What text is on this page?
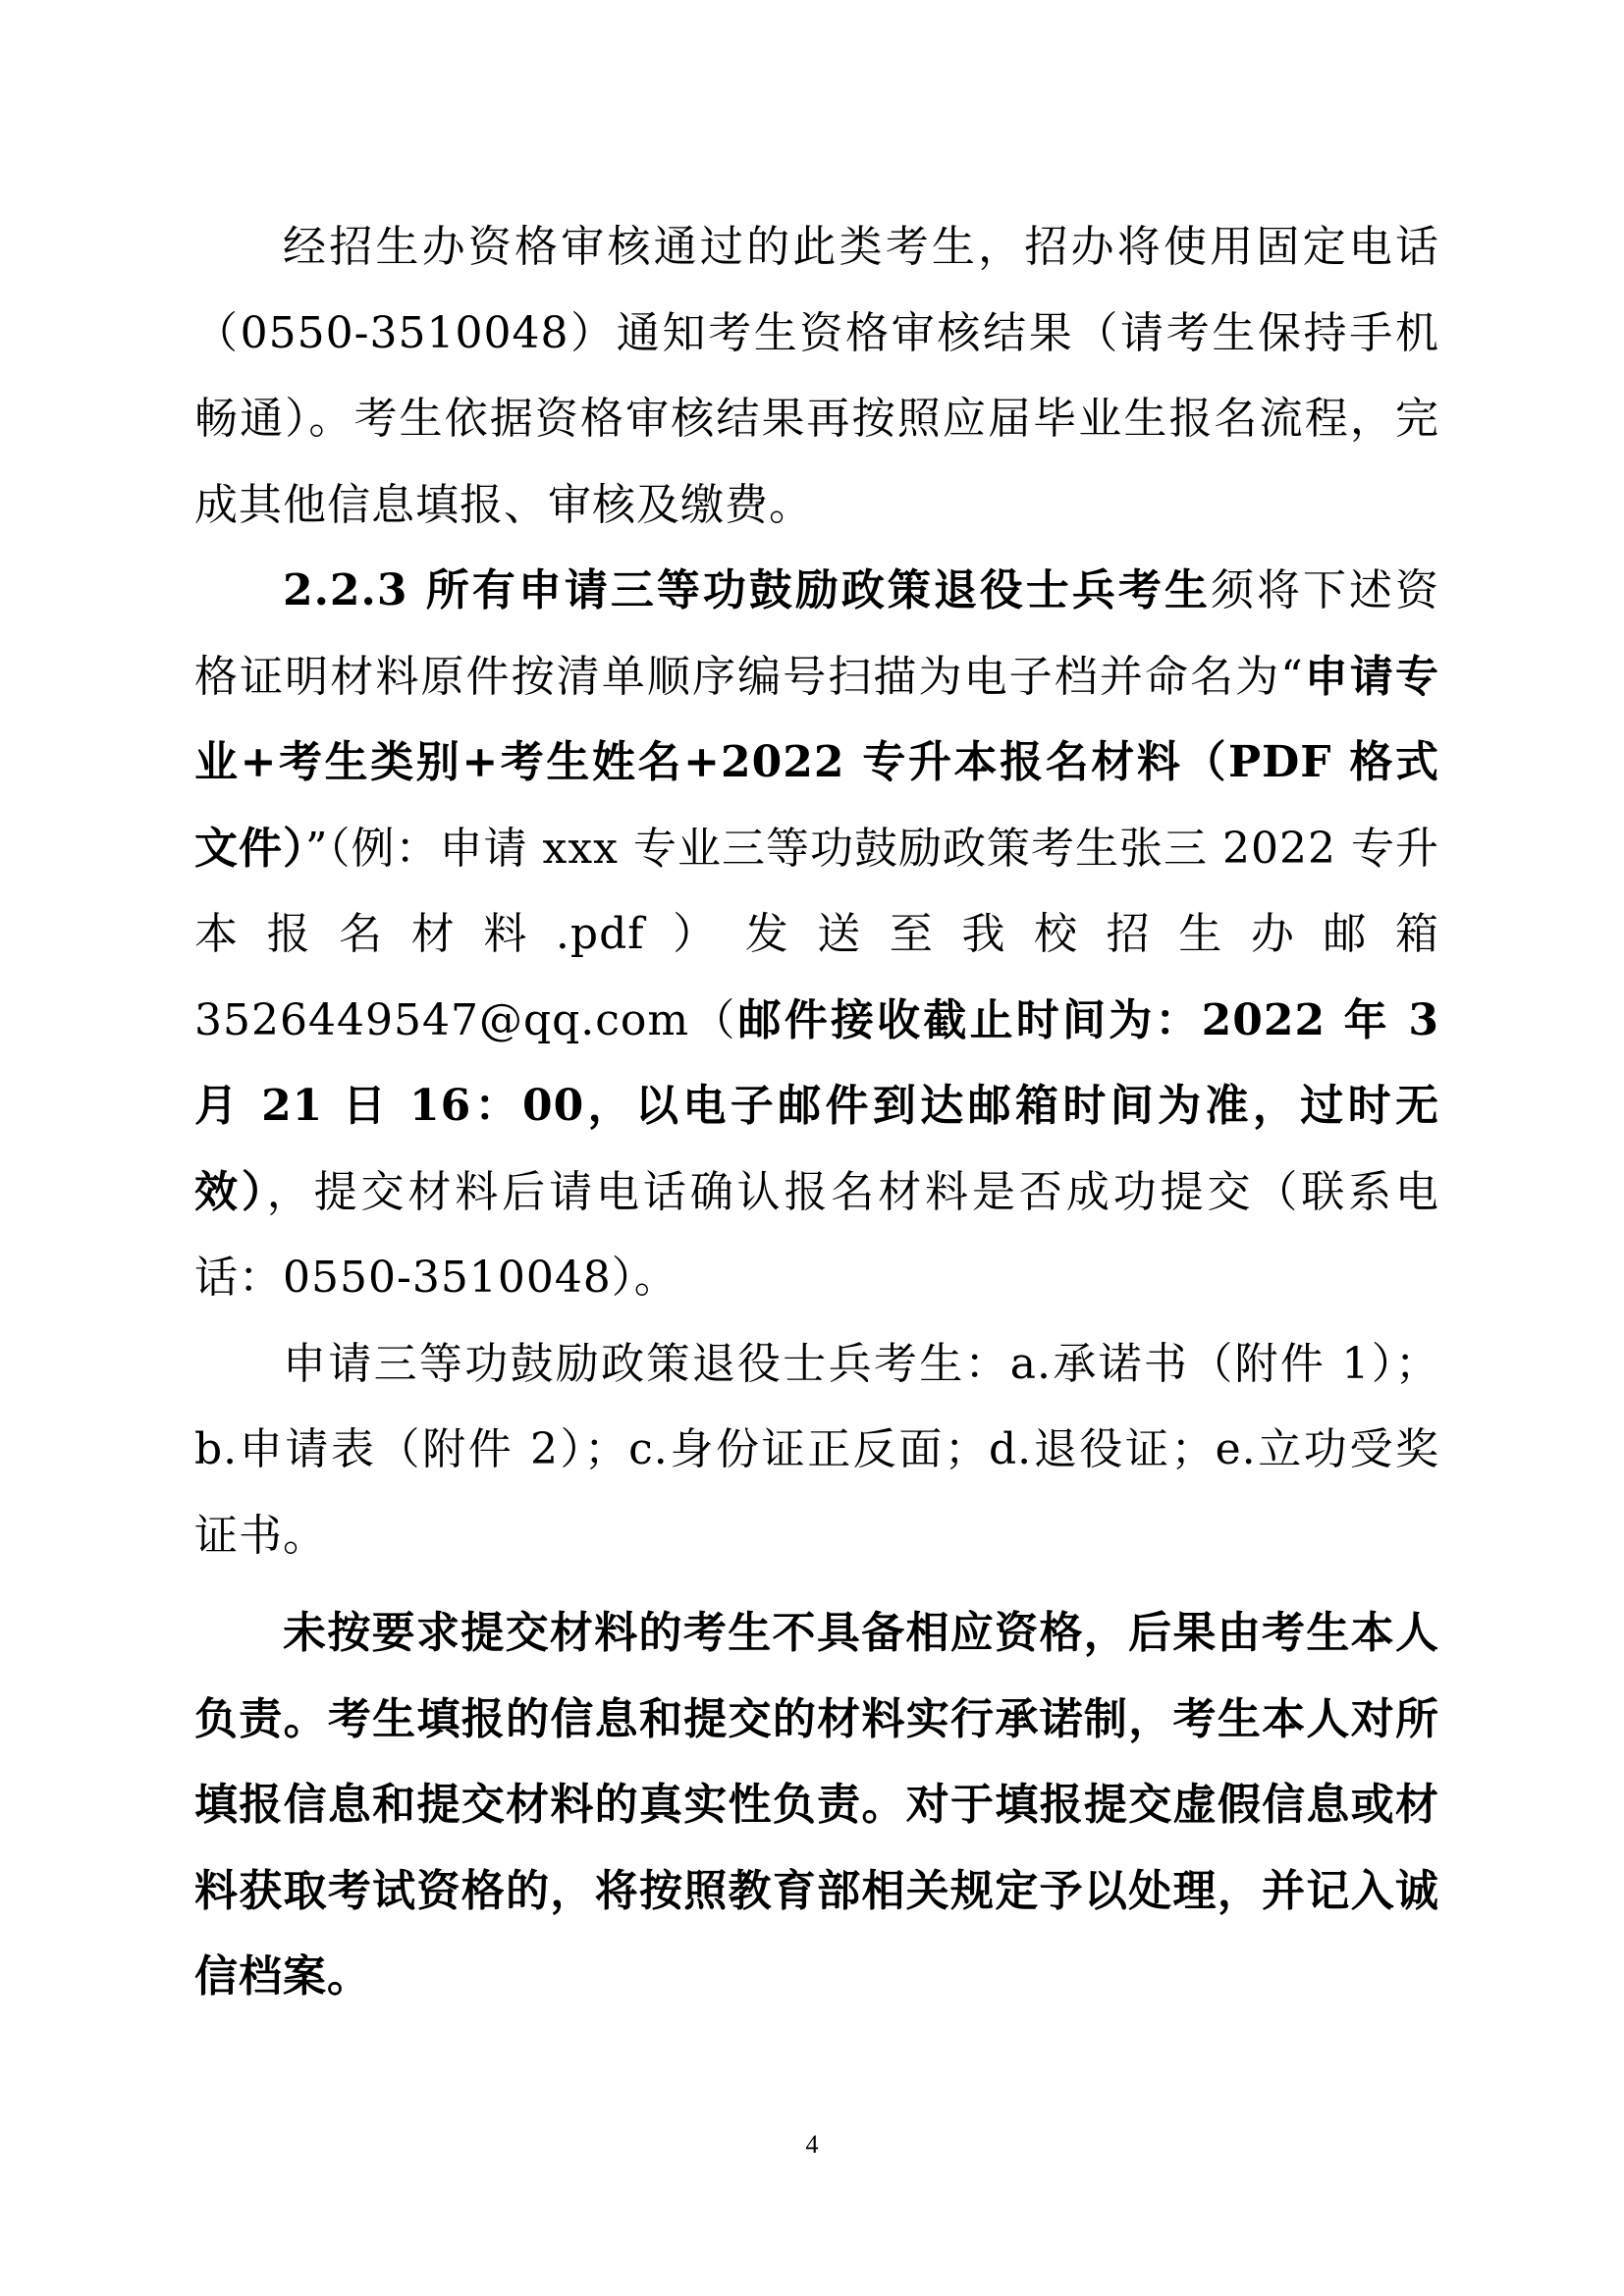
经招生办资格审核通过的此类考生，招办将使用固定电话（0550-3510048）通知考生资格审核结果（请考生保持手机畅通）。考生依据资格审核结果再按照应届毕业生报名流程，完成其他信息填报、审核及缴费。

2.2.3 所有申请三等功鼓励政策退役士兵考生须将下述资格证明材料原件按清单顺序编号扫描为电子档并命名为“申请专业+考生类别+考生姓名+2022 专升本报名材料（PDF 格式文件）”（例：申请 xxx 专业三等功鼓励政策考生张三 2022 专升本报名材料.pdf）发送至我校招生办邮箱 3526449547@qq.com（邮件接收截止时间为：2022 年 3 月 21 日 16：00，以电子邮件到达邮箱时间为准，过时无效），提交材料后请电话确认报名材料是否成功提交（联系电话：0550-3510048）。

申请三等功鼓励政策退役士兵考生：a.承诺书（附件 1）；b.申请表（附件 2）；c.身份证正反面；d.退役证；e.立功受奖证书。

未按要求提交材料的考生不具备相应资格，后果由考生本人负责。考生填报的信息和提交的材料实行承诺制，考生本人对所填报信息和提交材料的真实性负责。对于填报提交虚假信息或材料获取考试资格的，将按照教育部相关规定予以处理，并记入诚信档案。

4
